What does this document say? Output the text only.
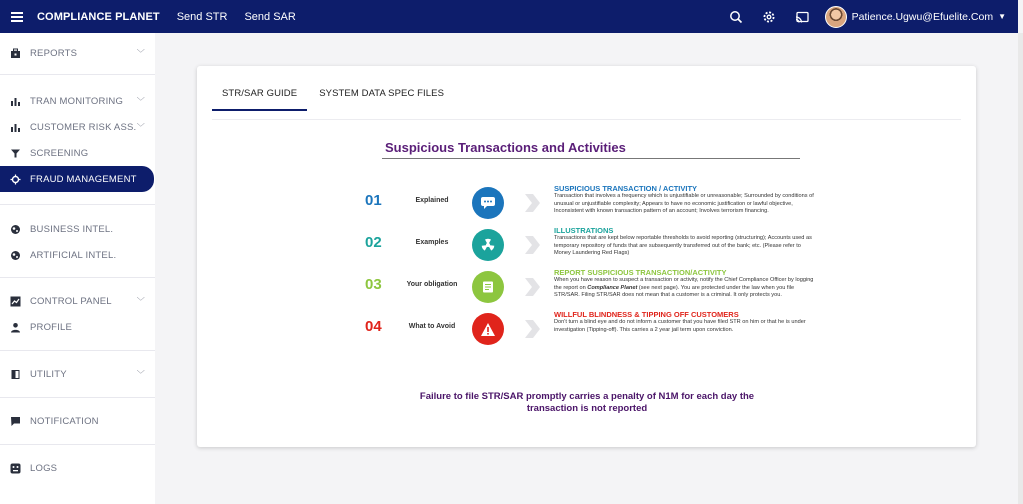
COMPLIANCE PLANET Send STR Send SAR	Patience.Ugwu@Efuelite.Com ▼
REPORTS	﹀
TRAN MONITORING ﹀
CUSTOMER RISK ASS. ﹀
SCREENING
FRAUD MANAGEMENT
BUSINESS INTEL.
ARTIFICIAL INTEL.
CONTROL PANEL	﹀
PROFILE
UTILITY	﹀
NOTIFICATION
LOGS
STR/SAR GUIDE	SYSTEM DATA SPEC FILES
Suspicious Transactions and Activities
01	Explained
SUSPICIOUS TRANSACTION / ACTIVITY
Transaction that involves a frequency which is unjustifiable or unreasonable; Surrounded by conditions of unusual or unjustifiable complexity; Appears to have no economic justification or lawful objective, Inconsistent with known transaction pattern of an account; Involves terrorism financing.
02	Examples
ILLUSTRATIONS
Transactions that are kept below reportable thresholds to avoid reporting (structuring); Accounts used as temporary repository of funds that are subsequently transferred out of the bank; etc. (Please refer to Money Laundering Red Flags)
03	Your obligation
REPORT SUSPICIOUS TRANSACTION/ACTIVITY
When you have reason to suspect a transaction or activity, notify the Chief Compliance Officer by logging the report on Compliance Planet (see next page). You are protected under the law when you file STR/SAR. Filing STR/SAR does not mean that a customer is a criminal. It only protects you.
04	What to Avoid
WILLFUL BLINDNESS & TIPPING OFF CUSTOMERS
Don't turn a blind eye and do not inform a customer that you have filed STR on him or that he is under investigation (Tipping-off). This carries a 2 year jail term upon conviction.
Failure to file STR/SAR promptly carries a penalty of N1M for each day the transaction is not reported
